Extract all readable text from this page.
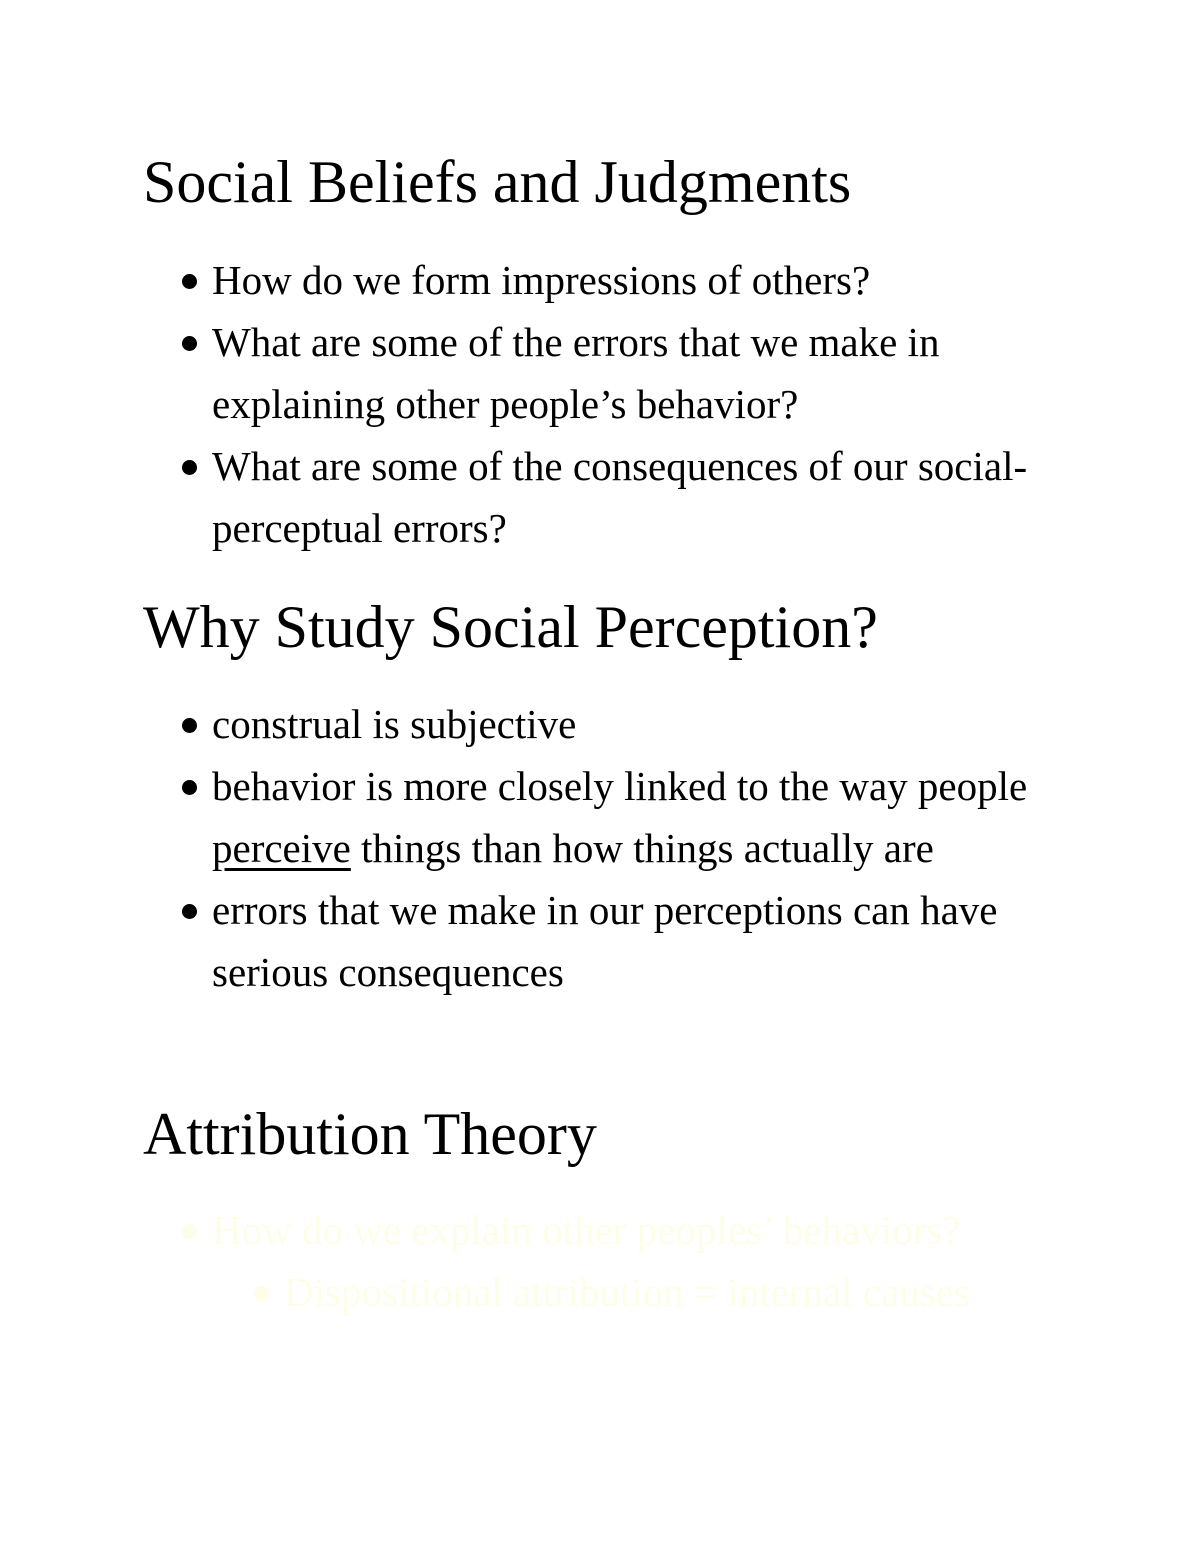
Social Beliefs and Judgments
How do we form impressions of others?
What are some of the errors that we make in explaining other people’s behavior?
What are some of the consequences of our social-perceptual errors?
Why Study Social Perception?
construal is subjective
behavior is more closely linked to the way people perceive things than how things actually are
errors that we make in our perceptions can have serious consequences
Attribution Theory
How do we explain other peoples’ behaviors?
Dispositional attribution = internal causes
